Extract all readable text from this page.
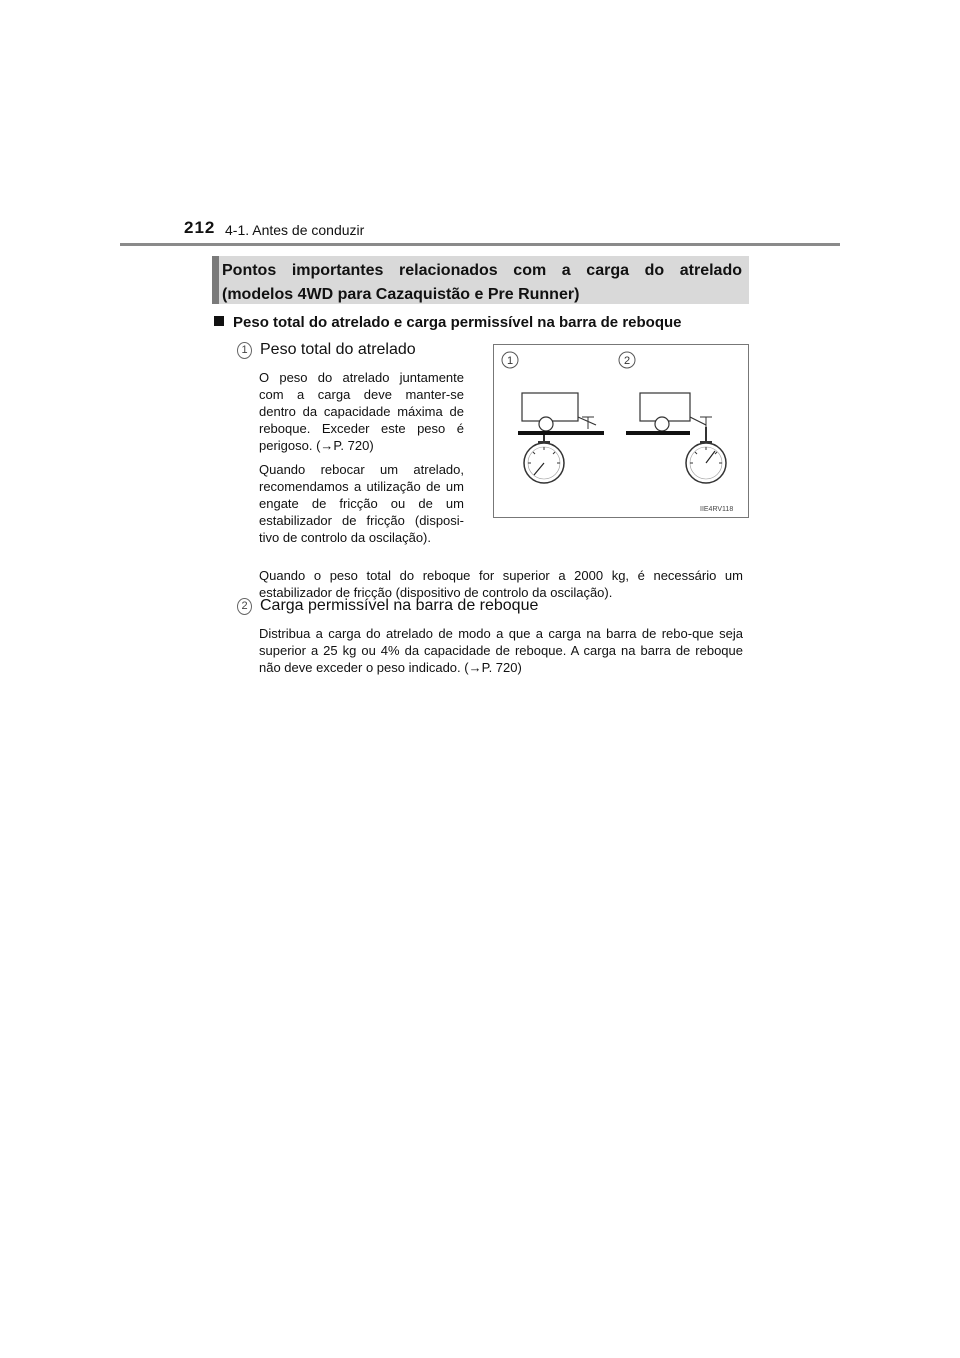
212 4-1. Antes de conduzir
Pontos importantes relacionados com a carga do atrelado
(modelos 4WD para Cazaquistão e Pre Runner)
Peso total do atrelado e carga permissível na barra de reboque
1 Peso total do atrelado
O peso do atrelado juntamente com a carga deve manter-se dentro da capacidade máxima de reboque. Exceder este peso é perigoso. (→P. 720)
Quando rebocar um atrelado, recomendamos a utilização de um engate de fricção ou de um estabilizador de fricção (disposi-tivo de controlo da oscilação).
Quando o peso total do reboque for superior a 2000 kg, é necessário um estabilizador de fricção (dispositivo de controlo da oscilação).
2 Carga permissível na barra de reboque
Distribua a carga do atrelado de modo a que a carga na barra de rebo-que seja superior a 25 kg ou 4% da capacidade de reboque. A carga na barra de reboque não deve exceder o peso indicado. (→P. 720)
1	2
IIE4RV118
